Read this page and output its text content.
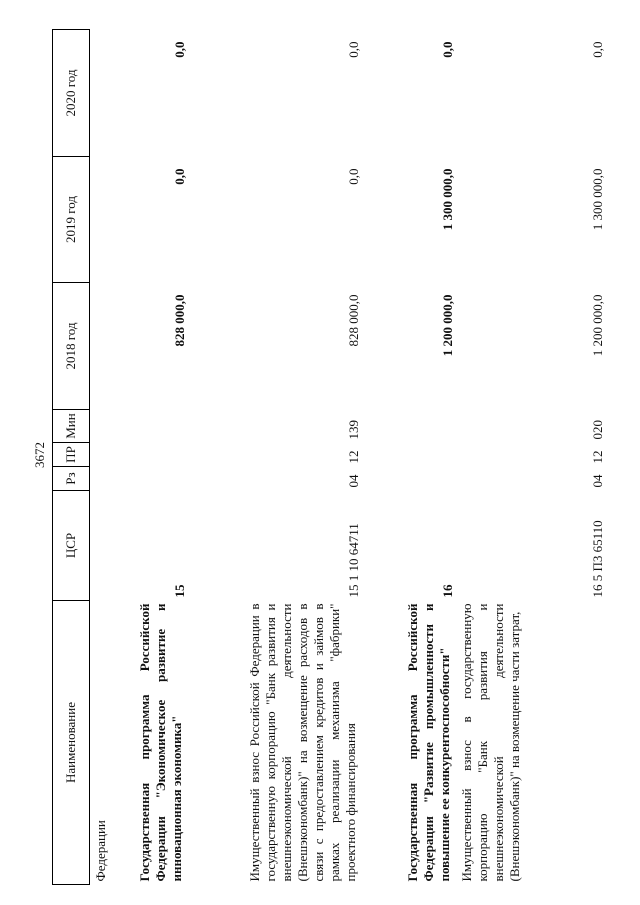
3672
Наименование	ЦСР	Рз	ПР	Мин	2018 год	2019 год	2020 год
Федерации							
Государственная программа Российской Федерации "Экономическое развитие и инновационная экономика"	15				828 000,0	0,0	0,0
Имущественный взнос Российской Федерации в государственную корпорацию "Банк развития и внешнеэкономической деятельности (Внешэкономбанк)" на возмещение расходов в связи с предоставлением кредитов и займов в рамках реализации механизма "фабрики" проектного финансирования	15 1 10 64711	04	12	139	828 000,0	0,0	0,0
Государственная программа Российской Федерации "Развитие промышленности и повышение ее конкурентоспособности"	16				1 200 000,0	1 300 000,0	0,0
Имущественный взнос в государственную корпорацию "Банк развития и внешнеэкономической деятельности (Внешэкономбанк)" на возмещение части затрат,	16 5 П3 65110	04	12	020	1 200 000,0	1 300 000,0	0,0
